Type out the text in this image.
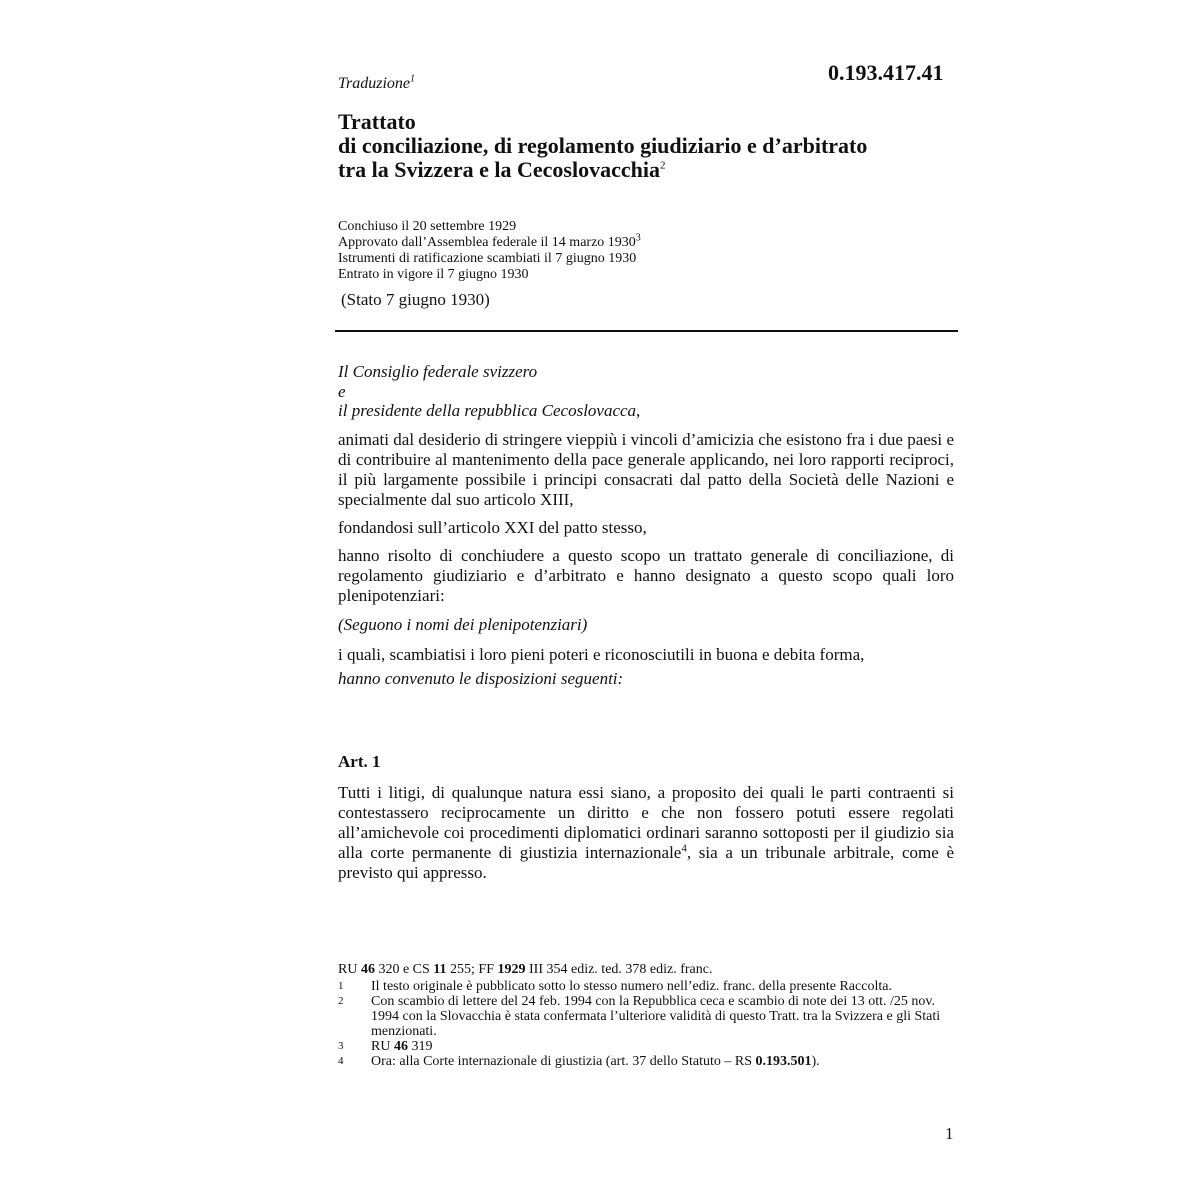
0.193.417.41
Traduzione$^1$
Trattato
di conciliazione, di regolamento giudiziario e d’arbitrato
tra la Svizzera e la Cecoslovacchia$^2$
Conchiuso il 20 settembre 1929
Approvato dall’Assemblea federale il 14 marzo 1930$^3$
Istrumenti di ratificazione scambiati il 7 giugno 1930
Entrato in vigore il 7 giugno 1930
(Stato 7 giugno 1930)
Il Consiglio federale svizzero
e
il presidente della repubblica Cecoslovacca,
animati dal desiderio di stringere vieppiù i vincoli d’amicizia che esistono fra i due paesi e di contribuire al mantenimento della pace generale applicando, nei loro rapporti reciproci, il più largamente possibile i principi consacrati dal patto della Società delle Nazioni e specialmente dal suo articolo XIII,
fondandosi sull’articolo XXI del patto stesso,
hanno risolto di conchiudere a questo scopo un trattato generale di conciliazione, di regolamento giudiziario e d’arbitrato e hanno designato a questo scopo quali loro plenipotenziari:
(Seguono i nomi dei plenipotenziari)
i quali, scambiatisi i loro pieni poteri e riconosciutili in buona e debita forma,
hanno convenuto le disposizioni seguenti:
Art. 1
Tutti i litigi, di qualunque natura essi siano, a proposito dei quali le parti contraenti si contestassero reciprocamente un diritto e che non fossero potuti essere regolati all’amichevole coi procedimenti diplomatici ordinari saranno sottoposti per il giudizio sia alla corte permanente di giustizia internazionale$^4$, sia a un tribunale arbitrale, come è previsto qui appresso.
RU 46 320 e CS 11 255; FF 1929 III 354 ediz. ted. 378 ediz. franc.
1	Il testo originale è pubblicato sotto lo stesso numero nell’ediz. franc. della presente Raccolta.
2	Con scambio di lettere del 24 feb. 1994 con la Repubblica ceca e scambio di note dei 13 ott. /25 nov. 1994 con la Slovacchia è stata confermata l’ulteriore validità di questo Tratt. tra la Svizzera e gli Stati menzionati.
3	RU 46 319
4	Ora: alla Corte internazionale di giustizia (art. 37 dello Statuto – RS 0.193.501).
1
